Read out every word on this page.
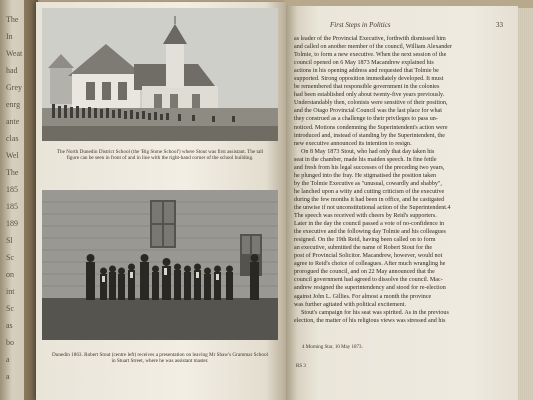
The
In
Weat
had
Grey
enrg
ante
clas
Wel
The
185
185
189
Sl
Sc
on
int
Sc
as
bo
a
a

The North Dunedin District School (the 'Big Stone School') where Stout was first assistant. The tall figure can be seen in front of and in line with the right-hand corner of the school building.

Dunedin 1863. Robert Stout (centre left) receives a presentation on leaving Mr Shaw's Grammar School in Stuart Street, where he was assistant master.

First Steps in Politics	33
as leader of the Provincial Executive, forthwith dismissed him
and called on another member of the council, William Alexander
Tolmie, to form a new executive. When the next session of the
council opened on 6 May 1873 Macandrew explained his
actions in his opening address and requested that Tolmie be
supported. Strong opposition immediately developed. It must
be remembered that responsible government in the colonies
had been established only about twenty-five years previously.
Understandably then, colonists were sensitive of their position,
and the Otago Provincial Council was the last place for what
they construed as a challenge to their privileges to pass un-
noticed. Motions condemning the Superintendent's action were
introduced and, instead of standing by the Superintendent, the
new executive announced its intention to resign.
On 8 May 1873 Stout, who had only that day taken his
seat in the chamber, made his maiden speech. In fine fettle
and fresh from his legal successes of the preceding two years,
he plunged into the fray. He stigmatised the position taken
by the Tolmie Executive as "unusual, cowardly and shabby",
he lanched upon a witty and cutting criticism of the executive
during the few months it had been in office, and he castigated
the unwise if not unconstitutional action of the Superintendent.4
The speech was received with cheers by Reid's supporters.
Later in the day the council passed a vote of no-confidence in
the executive and the following day Tolmie and his colleagues
resigned. On the 19th Reid, having been called on to form
an executive, submitted the name of Robert Stout for the
post of Provincial Solicitor. Macandrew, however, would not
agree to Reid's choice of colleagues. After much wrangling he
prorogued the council, and on 22 May announced that the
council government had agreed to dissolve the council. Mac-
andrew resigned the superintendency and stood for re-election
against John L. Gillies. For almost a month the province
was further agitated with political excitement.
Stout's campaign for his seat was spirited. As in the previous
election, the matter of his religious views was stressed and his
4 Morning Star, 10 May 1873.
RS 3
